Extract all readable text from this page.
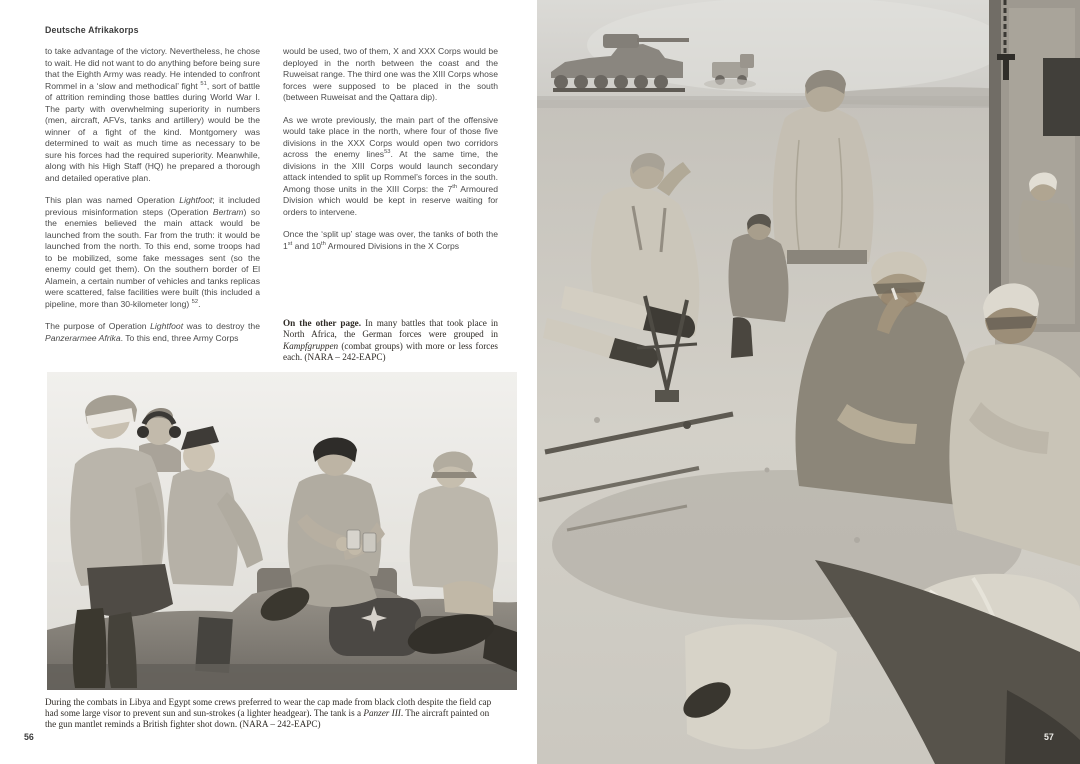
Deutsche Afrikakorps

to take advantage of the victory. Nevertheless, he chose to wait. He did not want to do anything before being sure that the Eighth Army was ready. He intended to confront Rommel in a ‘slow and methodical’ fight $^{51}$, sort of battle of attrition reminding those battles during World War I. The party with overwhelming superiority in numbers (men, aircraft, AFVs, tanks and artillery) would be the winner of a fight of the kind. Montgomery was determined to wait as much time as necessary to be sure his forces had the required superiority. Meanwhile, along with his High Staff (HQ) he prepared a thorough and detailed operative plan.

This plan was named Operation Lightfoot; it included previous misinformation steps (Operation Bertram) so the enemies believed the main attack would be launched from the south. Far from the truth: it would be launched from the north. To this end, some troops had to be mobilized, some fake messages sent (so the enemy could get them). On the southern border of El Alamein, a certain number of vehicles and tanks replicas were scattered, false facilities were built (this included a pipeline, more than 30-kilometer long) $^{52}$.

The purpose of Operation Lightfoot was to destroy the Panzerarmee Afrika. To this end, three Army Corps

would be used, two of them, X and XXX Corps would be deployed in the north between the coast and the Ruweisat range. The third one was the XIII Corps whose forces were supposed to be placed in the south (between Ruweisat and the Qattara dip).

As we wrote previously, the main part of the offensive would take place in the north, where four of those five divisions in the XXX Corps would open two corridors across the enemy lines$^{53}$. At the same time, the divisions in the XIII Corps would launch secondary attack intended to split up Rommel’s forces in the south. Among those units in the XIII Corps: the 7th Armoured Division which would be kept in reserve waiting for orders to intervene.

Once the ‘split up’ stage was over, the tanks of both the 1st and 10th Armoured Divisions in the X Corps

On the other page. In many battles that took place in North Africa, the German forces were grouped in Kampfgruppen (combat groups) with more or less forces each. (NARA – 242-EAPC)
During the combats in Libya and Egypt some crews preferred to wear the cap made from black cloth despite the field cap had some large visor to prevent sun and sun-strokes (a lighter headgear). The tank is a Panzer III. The aircraft painted on the gun mantlet reminds a British fighter shot down. (NARA – 242-EAPC)
56	57
